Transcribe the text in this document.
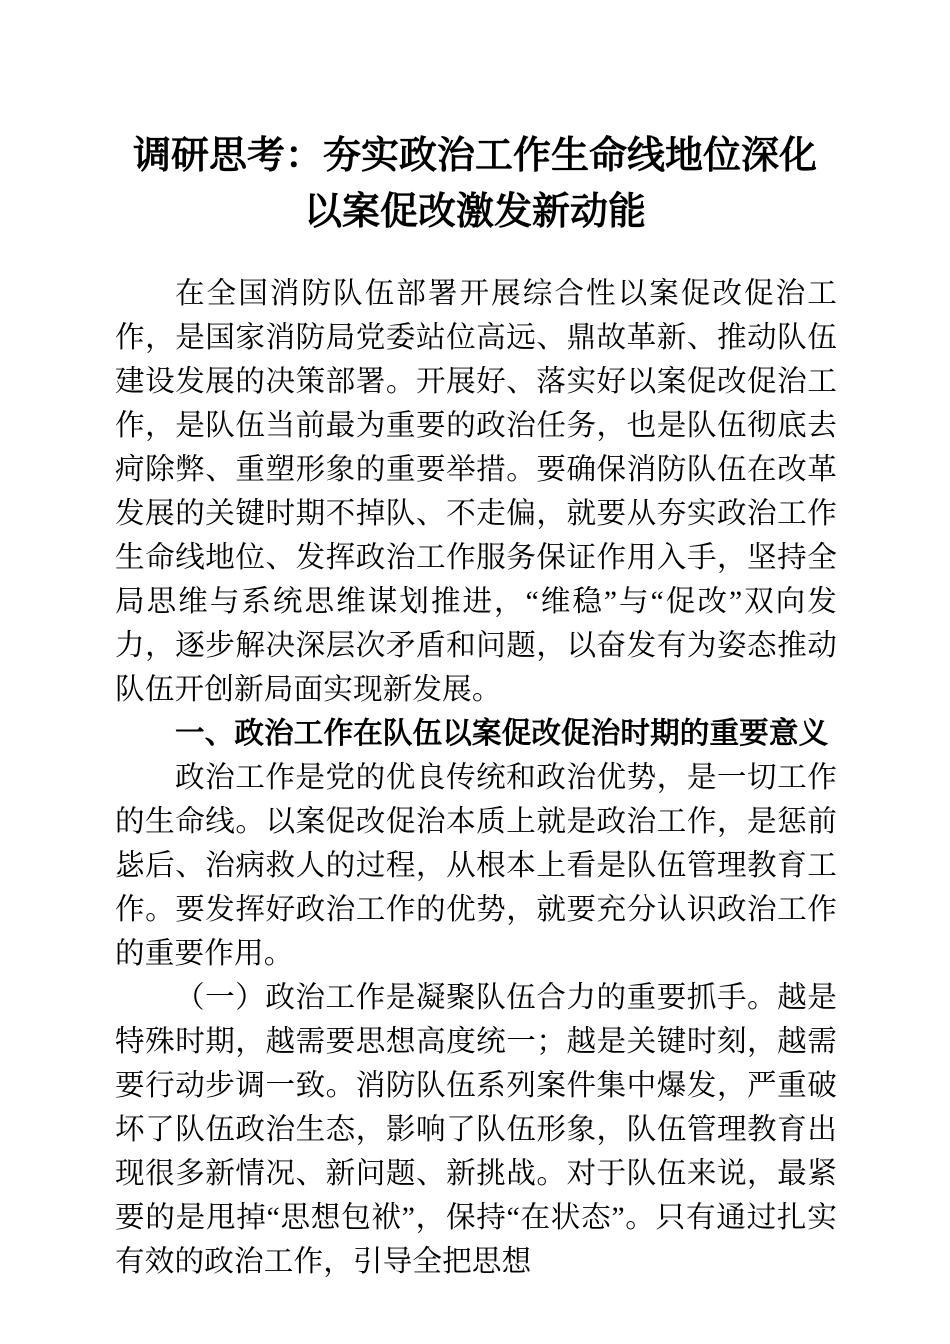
调研思考：夯实政治工作生命线地位深化以案促改激发新动能

在全国消防队伍部署开展综合性以案促改促治工作，是国家消防局党委站位高远、鼎故革新、推动队伍建设发展的决策部署。开展好、落实好以案促改促治工作，是队伍当前最为重要的政治任务，也是队伍彻底去疴除弊、重塑形象的重要举措。要确保消防队伍在改革发展的关键时期不掉队、不走偏，就要从夯实政治工作生命线地位、发挥政治工作服务保证作用入手，坚持全局思维与系统思维谋划推进，“维稳”与“促改”双向发力，逐步解决深层次矛盾和问题，以奋发有为姿态推动队伍开创新局面实现新发展。

一、政治工作在队伍以案促改促治时期的重要意义

政治工作是党的优良传统和政治优势，是一切工作的生命线。以案促改促治本质上就是政治工作，是惩前毖后、治病救人的过程，从根本上看是队伍管理教育工作。要发挥好政治工作的优势，就要充分认识政治工作的重要作用。

（一）政治工作是凝聚队伍合力的重要抓手。越是特殊时期，越需要思想高度统一；越是关键时刻，越需要行动步调一致。消防队伍系列案件集中爆发，严重破坏了队伍政治生态，影响了队伍形象，队伍管理教育出现很多新情况、新问题、新挑战。对于队伍来说，最紧要的是甩掉“思想包袱”，保持“在状态”。只有通过扎实有效的政治工作，引导全把思想
